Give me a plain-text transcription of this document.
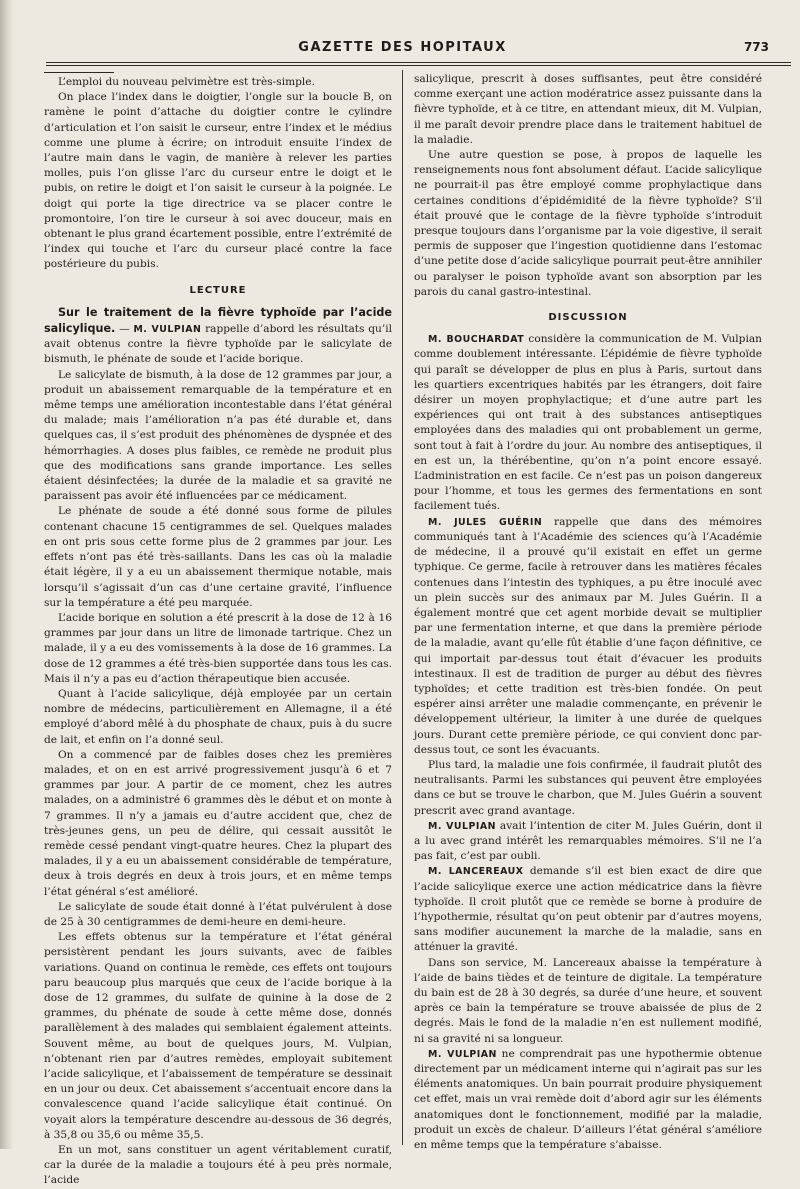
GAZETTE DES HOPITAUX	773

L’emploi du nouveau pelvimètre est très-simple.

On place l’index dans le doigtier, l’ongle sur la boucle B, on ramène le point d’attache du doigtier contre le cylindre d’articulation et l’on saisit le curseur, entre l’index et le médius comme une plume à écrire; on introduit ensuite l’index de l’autre main dans le vagin, de manière à relever les parties molles, puis l’on glisse l’arc du curseur entre le doigt et le pubis, on retire le doigt et l’on saisit le curseur à la poignée. Le doigt qui porte la tige directrice va se placer contre le promontoire, l’on tire le curseur à soi avec douceur, mais en obtenant le plus grand écartement possible, entre l’extrémité de l’index qui touche et l’arc du curseur placé contre la face postérieure du pubis.

LECTURE

Sur le traitement de la fièvre typhoïde par l’acide salicylique. — M. VULPIAN rappelle d’abord les résultats qu’il avait obtenus contre la fièvre typhoïde par le salicylate de bismuth, le phénate de soude et l’acide borique.

Le salicylate de bismuth, à la dose de 12 grammes par jour, a produit un abaissement remarquable de la température et en même temps une amélioration incontestable dans l’état général du malade; mais l’amélioration n’a pas été durable et, dans quelques cas, il s’est produit des phénomènes de dyspnée et des hémorrhagies. A doses plus faibles, ce remède ne produit plus que des modifications sans grande importance. Les selles étaient désinfectées; la durée de la maladie et sa gravité ne paraissent pas avoir été influencées par ce médicament.

Le phénate de soude a été donné sous forme de pilules contenant chacune 15 centigrammes de sel. Quelques malades en ont pris sous cette forme plus de 2 grammes par jour. Les effets n’ont pas été très-saillants. Dans les cas où la maladie était légère, il y a eu un abaissement thermique notable, mais lorsqu’il s’agissait d’un cas d’une certaine gravité, l’influence sur la température a été peu marquée.

L’acide borique en solution a été prescrit à la dose de 12 à 16 grammes par jour dans un litre de limonade tartrique. Chez un malade, il y a eu des vomissements à la dose de 16 grammes. La dose de 12 grammes a été très-bien supportée dans tous les cas. Mais il n’y a pas eu d’action thérapeutique bien accusée.

Quant à l’acide salicylique, déjà employée par un certain nombre de médecins, particulièrement en Allemagne, il a été employé d’abord mêlé à du phosphate de chaux, puis à du sucre de lait, et enfin on l’a donné seul.

On a commencé par de faibles doses chez les premières malades, et on en est arrivé progressivement jusqu’à 6 et 7 grammes par jour. A partir de ce moment, chez les autres malades, on a administré 6 grammes dès le début et on monte à 7 grammes. Il n’y a jamais eu d’autre accident que, chez de très-jeunes gens, un peu de délire, qui cessait aussitôt le remède cessé pendant vingt-quatre heures. Chez la plupart des malades, il y a eu un abaissement considérable de température, deux à trois degrés en deux à trois jours, et en même temps l’état général s’est amélioré.

Le salicylate de soude était donné à l’état pulvérulent à dose de 25 à 30 centigrammes de demi-heure en demi-heure.

Les effets obtenus sur la température et l’état général persistèrent pendant les jours suivants, avec de faibles variations. Quand on continua le remède, ces effets ont toujours paru beaucoup plus marqués que ceux de l’acide borique à la dose de 12 grammes, du sulfate de quinine à la dose de 2 grammes, du phénate de soude à cette même dose, donnés parallèlement à des malades qui semblaient également atteints. Souvent même, au bout de quelques jours, M. Vulpian, n’obtenant rien par d’autres remèdes, employait subitement l’acide salicylique, et l’abaissement de température se dessinait en un jour ou deux. Cet abaissement s’accentuait encore dans la convalescence quand l’acide salicylique était continué. On voyait alors la température descendre au-dessous de 36 degrés, à 35,8 ou 35,6 ou même 35,5.

En un mot, sans constituer un agent véritablement curatif, car la durée de la maladie a toujours été à peu près normale, l’acide

salicylique, prescrit à doses suffisantes, peut être considéré comme exerçant une action modératrice assez puissante dans la fièvre typhoïde, et à ce titre, en attendant mieux, dit M. Vulpian, il me paraît devoir prendre place dans le traitement habituel de la maladie.

Une autre question se pose, à propos de laquelle les renseignements nous font absolument défaut. L’acide salicylique ne pourrait-il pas être employé comme prophylactique dans certaines conditions d’épidémidité de la fièvre typhoïde? S’il était prouvé que le contage de la fièvre typhoïde s’introduit presque toujours dans l’organisme par la voie digestive, il serait permis de supposer que l’ingestion quotidienne dans l’estomac d’une petite dose d’acide salicylique pourrait peut-être annihiler ou paralyser le poison typhoïde avant son absorption par les parois du canal gastro-intestinal.

DISCUSSION

M. BOUCHARDAT considère la communication de M. Vulpian comme doublement intéressante. L’épidémie de fièvre typhoïde qui paraît se développer de plus en plus à Paris, surtout dans les quartiers excentriques habités par les étrangers, doit faire désirer un moyen prophylactique; et d’une autre part les expériences qui ont trait à des substances antiseptiques employées dans des maladies qui ont probablement un germe, sont tout à fait à l’ordre du jour. Au nombre des antiseptiques, il en est un, la thérébentine, qu’on n’a point encore essayé. L’administration en est facile. Ce n’est pas un poison dangereux pour l’homme, et tous les germes des fermentations en sont facilement tués.

M. JULES GUÉRIN rappelle que dans des mémoires communiqués tant à l’Académie des sciences qu’à l’Académie de médecine, il a prouvé qu’il existait en effet un germe typhique. Ce germe, facile à retrouver dans les matières fécales contenues dans l’intestin des typhiques, a pu être inoculé avec un plein succès sur des animaux par M. Jules Guérin. Il a également montré que cet agent morbide devait se multiplier par une fermentation interne, et que dans la première période de la maladie, avant qu’elle fût établie d’une façon définitive, ce qui importait par-dessus tout était d’évacuer les produits intestinaux. Il est de tradition de purger au début des fièvres typhoïdes; et cette tradition est très-bien fondée. On peut espérer ainsi arrêter une maladie commençante, en prévenir le développement ultérieur, la limiter à une durée de quelques jours. Durant cette première période, ce qui convient donc par-dessus tout, ce sont les évacuants.

Plus tard, la maladie une fois confirmée, il faudrait plutôt des neutralisants. Parmi les substances qui peuvent être employées dans ce but se trouve le charbon, que M. Jules Guérin a souvent prescrit avec grand avantage.

M. VULPIAN avait l’intention de citer M. Jules Guérin, dont il a lu avec grand intérêt les remarquables mémoires. S’il ne l’a pas fait, c’est par oubli.

M. LANCEREAUX demande s’il est bien exact de dire que l’acide salicylique exerce une action médicatrice dans la fièvre typhoïde. Il croit plutôt que ce remède se borne à produire de l’hypothermie, résultat qu’on peut obtenir par d’autres moyens, sans modifier aucunement la marche de la maladie, sans en atténuer la gravité.

Dans son service, M. Lancereaux abaisse la température à l’aide de bains tièdes et de teinture de digitale. La température du bain est de 28 à 30 degrés, sa durée d’une heure, et souvent après ce bain la température se trouve abaissée de plus de 2 degrés. Mais le fond de la maladie n’en est nullement modifié, ni sa gravité ni sa longueur.

M. VULPIAN ne comprendrait pas une hypothermie obtenue directement par un médicament interne qui n’agirait pas sur les éléments anatomiques. Un bain pourrait produire physiquement cet effet, mais un vrai remède doit d’abord agir sur les éléments anatomiques dont le fonctionnement, modifié par la maladie, produit un excès de chaleur. D’ailleurs l’état général s’améliore en même temps que la température s’abaisse.
